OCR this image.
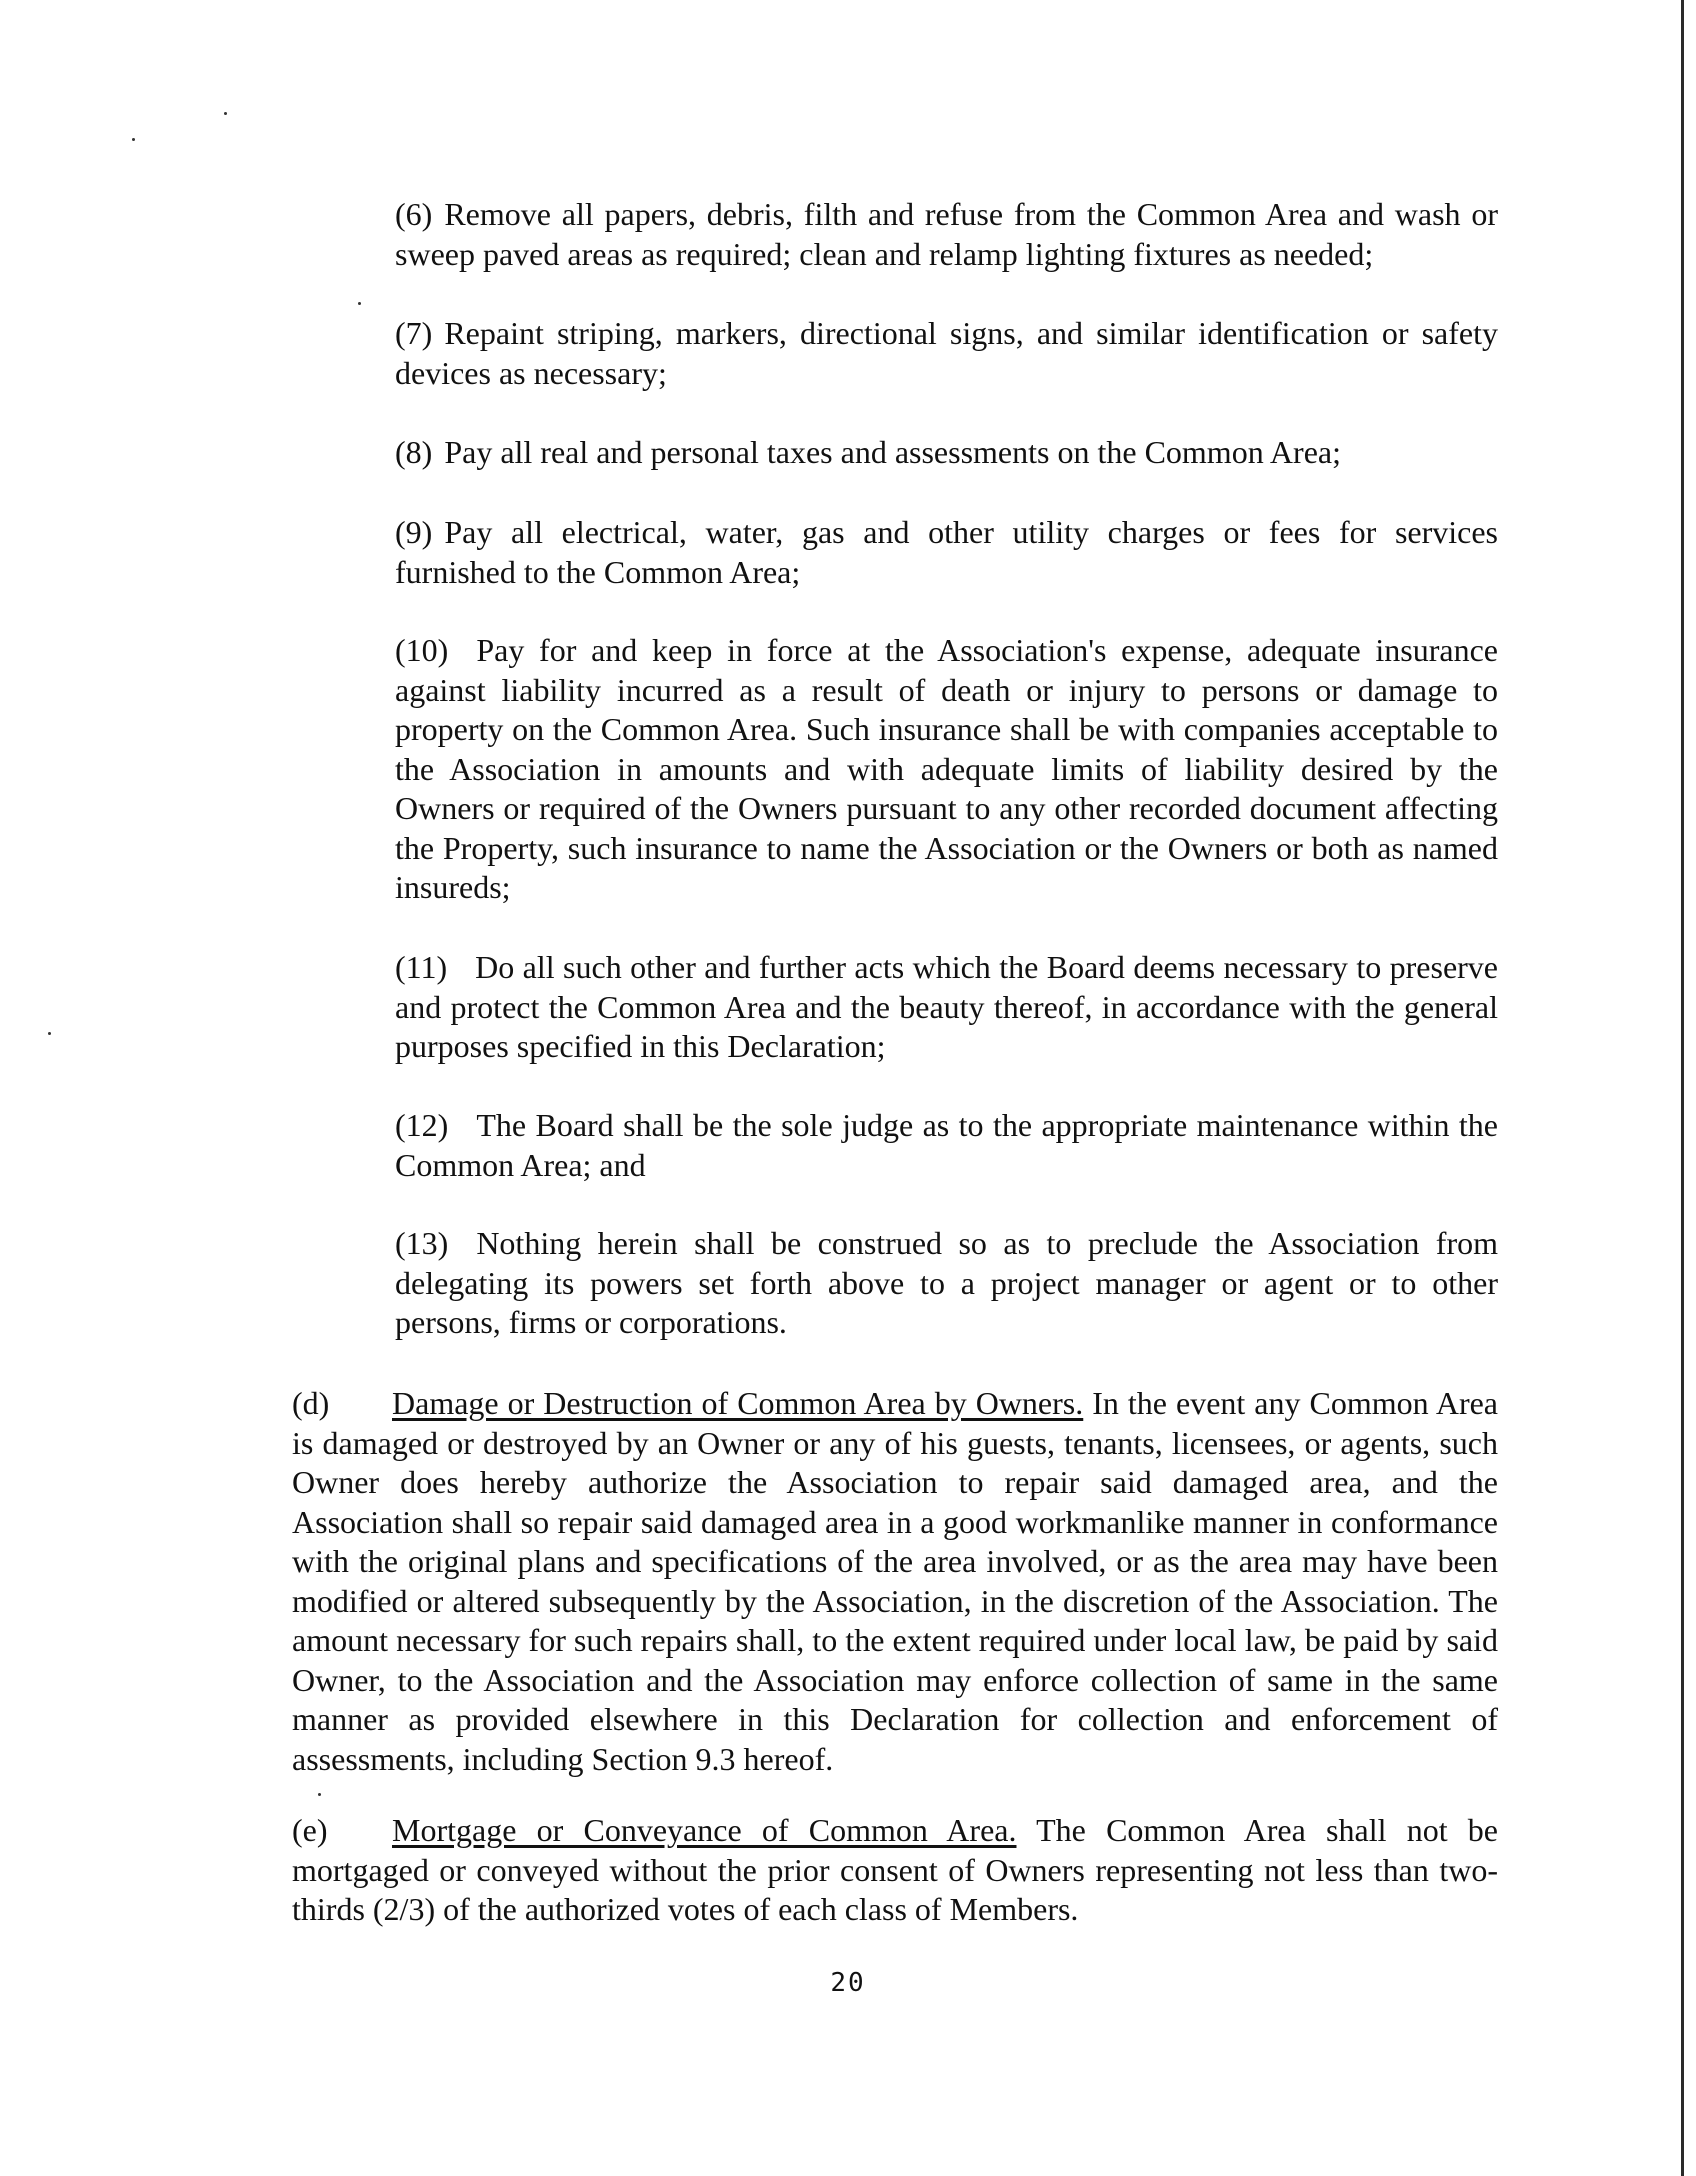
(6) Remove all papers, debris, filth and refuse from the Common Area and wash or sweep paved areas as required; clean and relamp lighting fixtures as needed;

(7) Repaint striping, markers, directional signs, and similar identification or safety devices as necessary;

(8) Pay all real and personal taxes and assessments on the Common Area;

(9) Pay all electrical, water, gas and other utility charges or fees for services furnished to the Common Area;

(10) Pay for and keep in force at the Association's expense, adequate insurance against liability incurred as a result of death or injury to persons or damage to property on the Common Area. Such insurance shall be with companies acceptable to the Association in amounts and with adequate limits of liability desired by the Owners or required of the Owners pursuant to any other recorded document affecting the Property, such insurance to name the Association or the Owners or both as named insureds;

(11) Do all such other and further acts which the Board deems necessary to preserve and protect the Common Area and the beauty thereof, in accordance with the general purposes specified in this Declaration;

(12) The Board shall be the sole judge as to the appropriate maintenance within the Common Area; and

(13) Nothing herein shall be construed so as to preclude the Association from delegating its powers set forth above to a project manager or agent or to other persons, firms or corporations.

(d) Damage or Destruction of Common Area by Owners. In the event any Common Area is damaged or destroyed by an Owner or any of his guests, tenants, licensees, or agents, such Owner does hereby authorize the Association to repair said damaged area, and the Association shall so repair said damaged area in a good workmanlike manner in conformance with the original plans and specifications of the area involved, or as the area may have been modified or altered subsequently by the Association, in the discretion of the Association. The amount necessary for such repairs shall, to the extent required under local law, be paid by said Owner, to the Association and the Association may enforce collection of same in the same manner as provided elsewhere in this Declaration for collection and enforcement of assessments, including Section 9.3 hereof.

(e) Mortgage or Conveyance of Common Area. The Common Area shall not be mortgaged or conveyed without the prior consent of Owners representing not less than two-thirds (2/3) of the authorized votes of each class of Members.

20
